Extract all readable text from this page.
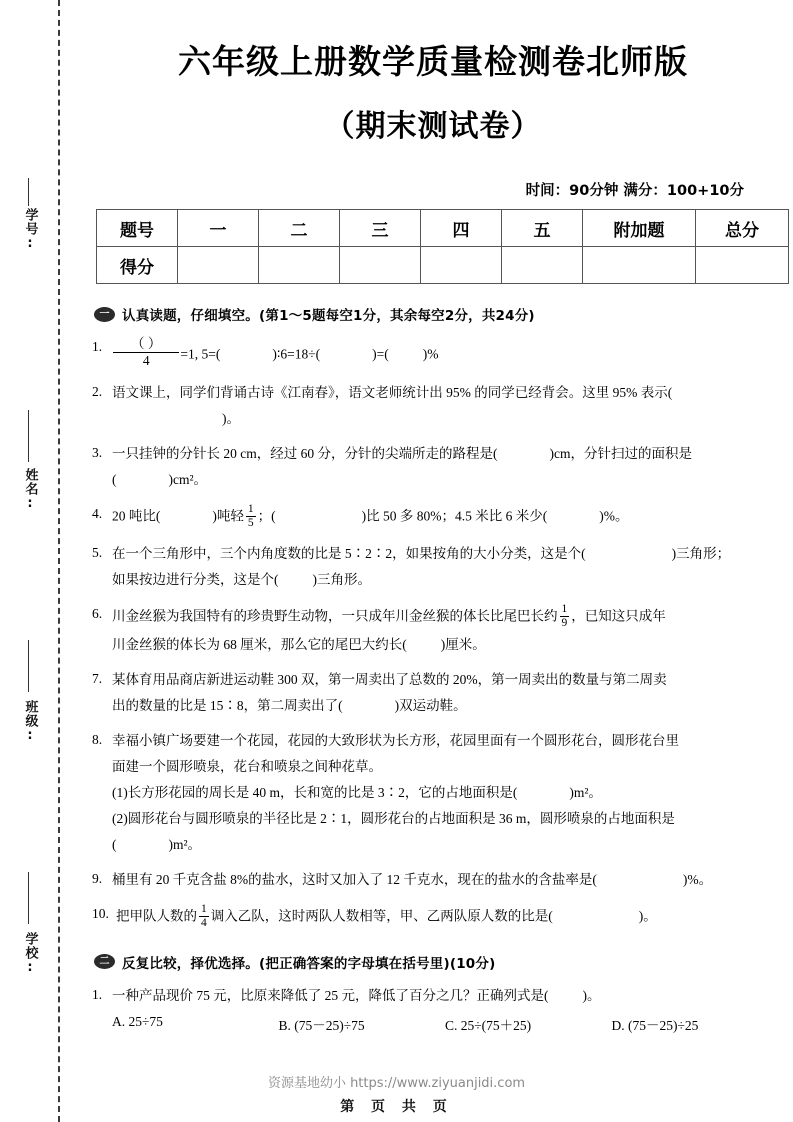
学号:
姓名:
班级:
学校:
六年级上册数学质量检测卷北师版
（期末测试卷）
时间：90分钟 满分：100+10分
题号	一	二	三	四	五	附加题	总分
得分							
一 认真读题，仔细填空。(第1～5题每空1分，其余每空2分，共24分)
1. $\frac{( )}{4} =1$, 5=(	)∶6=18÷(	)=(	)%
2. 语文课上，同学们背诵古诗《江南春》，语文老师统计出 95% 的同学已经背会。这里 95% 表示(
)。
3. 一只挂钟的分针长 20 cm，经过 60 分，分针的尖端所走的路程是(	)cm，分针扫过的面积是
(	)cm²。
4. 20 吨比(	)吨轻 $\frac{1}{5}$ ；(	)比 50 多 80%；4.5 米比 6 米少(	)%。
5. 在一个三角形中，三个内角度数的比是 5∶2∶2，如果按角的大小分类，这是个(	)三角形；
如果按边进行分类，这是个(	)三角形。
6. 川金丝猴为我国特有的珍贵野生动物，一只成年川金丝猴的体长比尾巴长约 $\frac{1}{9}$ ，已知这只成年
川金丝猴的体长为 68 厘米，那么它的尾巴大约长(	)厘米。
7. 某体育用品商店新进运动鞋 300 双，第一周卖出了总数的 20%，第一周卖出的数量与第二周卖
出的数量的比是 15∶8，第二周卖出了(	)双运动鞋。
8. 幸福小镇广场要建一个花园，花园的大致形状为长方形，花园里面有一个圆形花台，圆形花台里
面建一个圆形喷泉，花台和喷泉之间种花草。
(1)长方形花园的周长是 40 m，长和宽的比是 3∶2，它的占地面积是(	)m²。
(2)圆形花台与圆形喷泉的半径比是 2∶1，圆形花台的占地面积是 36 m，圆形喷泉的占地面积是
(	)m²。
9. 桶里有 20 千克含盐 8%的盐水，这时又加入了 12 千克水，现在的盐水的含盐率是(	)%。
10. 把甲队人数的 $\frac{1}{4}$ 调入乙队，这时两队人数相等，甲、乙两队原人数的比是(	)。
二 反复比较，择优选择。(把正确答案的字母填在括号里)(10分)
1. 一种产品现价 75 元，比原来降低了 25 元，降低了百分之几？正确列式是(	)。
A. 25÷75	B. (75－25)÷75	C. 25÷(75＋25)	D. (75－25)÷25
资源基地幼小 https://www.ziyuanjidi.com
第 页 共 页
